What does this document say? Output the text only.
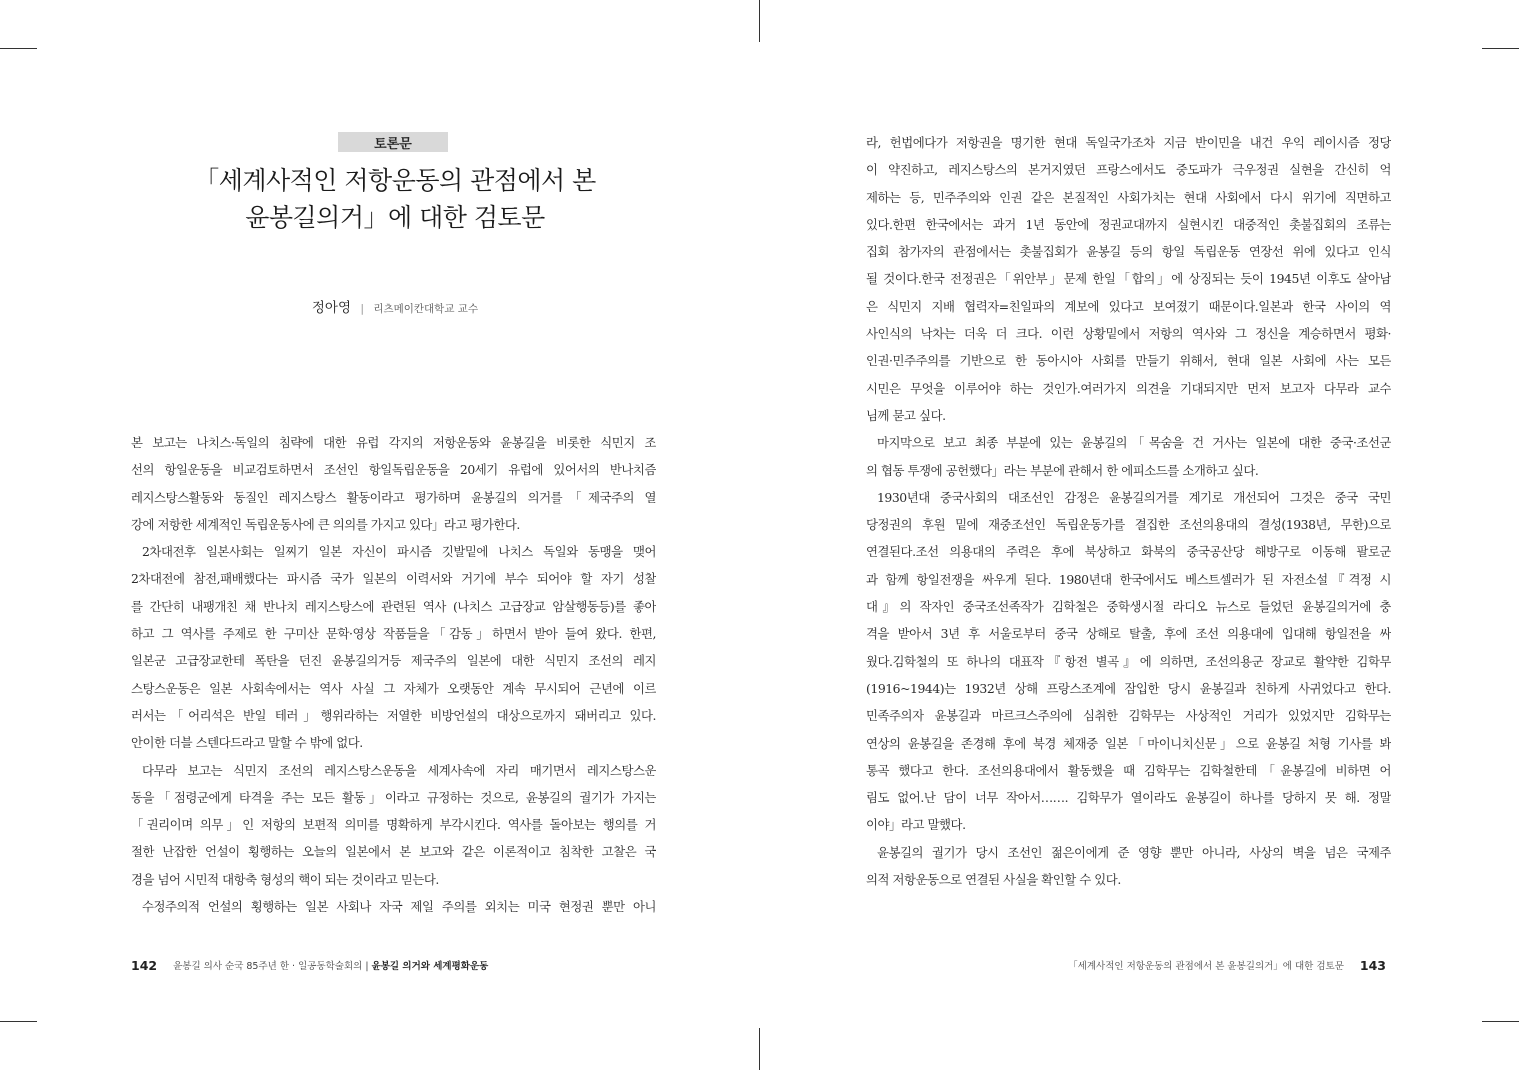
토론문
「세계사적인 저항운동의 관점에서 본
윤봉길의거」에 대한 검토문
정아영 | 리츠메이칸대학교 교수
본 보고는 나치스·독일의 침략에 대한 유럽 각지의 저항운동와 윤봉길을 비롯한 식민지 조
선의 항일운동을 비교검토하면서 조선인 항일독립운동을 20세기 유럽에 있어서의 반나치즘
레지스탕스활동와 동질인 레지스탕스 활동이라고 평가하며 윤봉길의 의거를「제국주의 열
강에 저항한 세계적인 독립운동사에 큰 의의를 가지고 있다」라고 평가한다.
2차대전후 일본사회는 일찌기 일본 자신이 파시즘 깃발밑에 나치스 독일와 동맹을 맺어
2차대전에 참전,패배했다는 파시즘 국가 일본의 이력서와 거기에 부수 되어야 할 자기 성찰
를 간단히 내팽개친 채 반나치 레지스탕스에 관련된 역사 (나치스 고급장교 암살행동등)를 좋아
하고 그 역사를 주제로 한 구미산 문학·영상 작품들을「감동」하면서 받아 들여 왔다. 한편,
일본군 고급장교한테 폭탄을 던진 윤봉길의거등 제국주의 일본에 대한 식민지 조선의 레지
스탕스운동은 일본 사회속에서는 역사 사실 그 자체가 오랫동안 계속 무시되어 근년에 이르
러서는「어리석은 반일 테러」행위라하는 저열한 비방언설의 대상으로까지 돼버리고 있다.
안이한 더블 스텐다드라고 말할 수 밖에 없다.
다무라 보고는 식민지 조선의 레지스탕스운동을 세계사속에 자리 매기면서 레지스탕스운
동을「점령군에게 타격을 주는 모든 활동」이라고 규정하는 것으로, 윤봉길의 궐기가 가지는
「권리이며 의무」인 저항의 보편적 의미를 명확하게 부각시킨다. 역사를 돌아보는 행의를 거
절한 난잡한 언설이 횡행하는 오늘의 일본에서 본 보고와 같은 이론적이고 침착한 고찰은 국
경을 넘어 시민적 대항축 형성의 핵이 되는 것이라고 믿는다.
수정주의적 언설의 횡행하는 일본 사회나 자국 제일 주의를 외치는 미국 현정권 뿐만 아니
라, 헌법에다가 저항권을 명기한 현대 독일국가조차 지금 반이민을 내건 우익 레이시즘 정당
이 약진하고, 레지스탕스의 본거지였던 프랑스에서도 중도파가 극우정권 실현을 간신히 억
제하는 등, 민주주의와 인권 같은 본질적인 사회가치는 현대 사회에서 다시 위기에 직면하고
있다.한편 한국에서는 과거 1년 동안에 정권교대까지 실현시킨 대중적인 촛불집회의 조류는
집회 참가자의 관점에서는 촛불집회가 윤봉길 등의 항일 독립운동 연장선 위에 있다고 인식
될 것이다.한국 전정권은「위안부」문제 한일「합의」에 상징되는 듯이 1945년 이후도 살아남
은 식민지 지배 협력자=친일파의 계보에 있다고 보여졌기 때문이다.일본과 한국 사이의 역
사인식의 낙차는 더욱 더 크다. 이런 상황밑에서 저항의 역사와 그 정신을 계승하면서 평화·
인권·민주주의를 기반으로 한 동아시아 사회를 만들기 위해서, 현대 일본 사회에 사는 모든
시민은 무엇을 이루어야 하는 것인가.여러가지 의견을 기대되지만 먼저 보고자 다무라 교수
님께 묻고 싶다.
마지막으로 보고 최종 부분에 있는 윤봉길의「목숨을 건 거사는 일본에 대한 중국·조선군
의 협동 투쟁에 공헌했다」라는 부분에 관해서 한 에피소드를 소개하고 싶다.
1930년대 중국사회의 대조선인 감정은 윤봉길의거를 계기로 개선되어 그것은 중국 국민
당정권의 후원 밑에 재중조선인 독립운동가를 결집한 조선의용대의 결성(1938년, 무한)으로
연결된다.조선 의용대의 주력은 후에 북상하고 화북의 중국공산당 해방구로 이동해 팔로군
과 함께 항일전쟁을 싸우게 된다. 1980년대 한국에서도 베스트셀러가 된 자전소설『격정 시
대』의 작자인 중국조선족작가 김학철은 중학생시절 라디오 뉴스로 들었던 윤봉길의거에 충
격을 받아서 3년 후 서울로부터 중국 상해로 탈출, 후에 조선 의용대에 입대해 항일전을 싸
웠다.김학철의 또 하나의 대표작『항전 별곡』에 의하면, 조선의용군 장교로 활약한 김학무
(1916~1944)는 1932년 상해 프랑스조계에 잠입한 당시 윤봉길과 친하게 사귀었다고 한다.
민족주의자 윤봉길과 마르크스주의에 심취한 김학무는 사상적인 거리가 있었지만 김학무는
연상의 윤봉길을 존경해 후에 북경 체재중 일본「마이니치신문」으로 윤봉길 처형 기사를 봐
통곡 했다고 한다. 조선의용대에서 활동했을 때 김학무는 김학철한테「윤봉길에 비하면 어
림도 없어.난 담이 너무 작아서……. 김학무가 열이라도 윤봉길이 하나를 당하지 못 해. 정말
이야」라고 말했다.
윤봉길의 궐기가 당시 조선인 젊은이에게 준 영향 뿐만 아니라, 사상의 벽을 넘은 국제주
의적 저항운동으로 연결된 사실을 확인할 수 있다.
142 윤봉길 의사 순국 85주년 한 · 일공동학술회의 | 윤봉길 의거와 세계평화운동	「세계사적인 저항운동의 관점에서 본 윤봉길의거」에 대한 검토문 143
